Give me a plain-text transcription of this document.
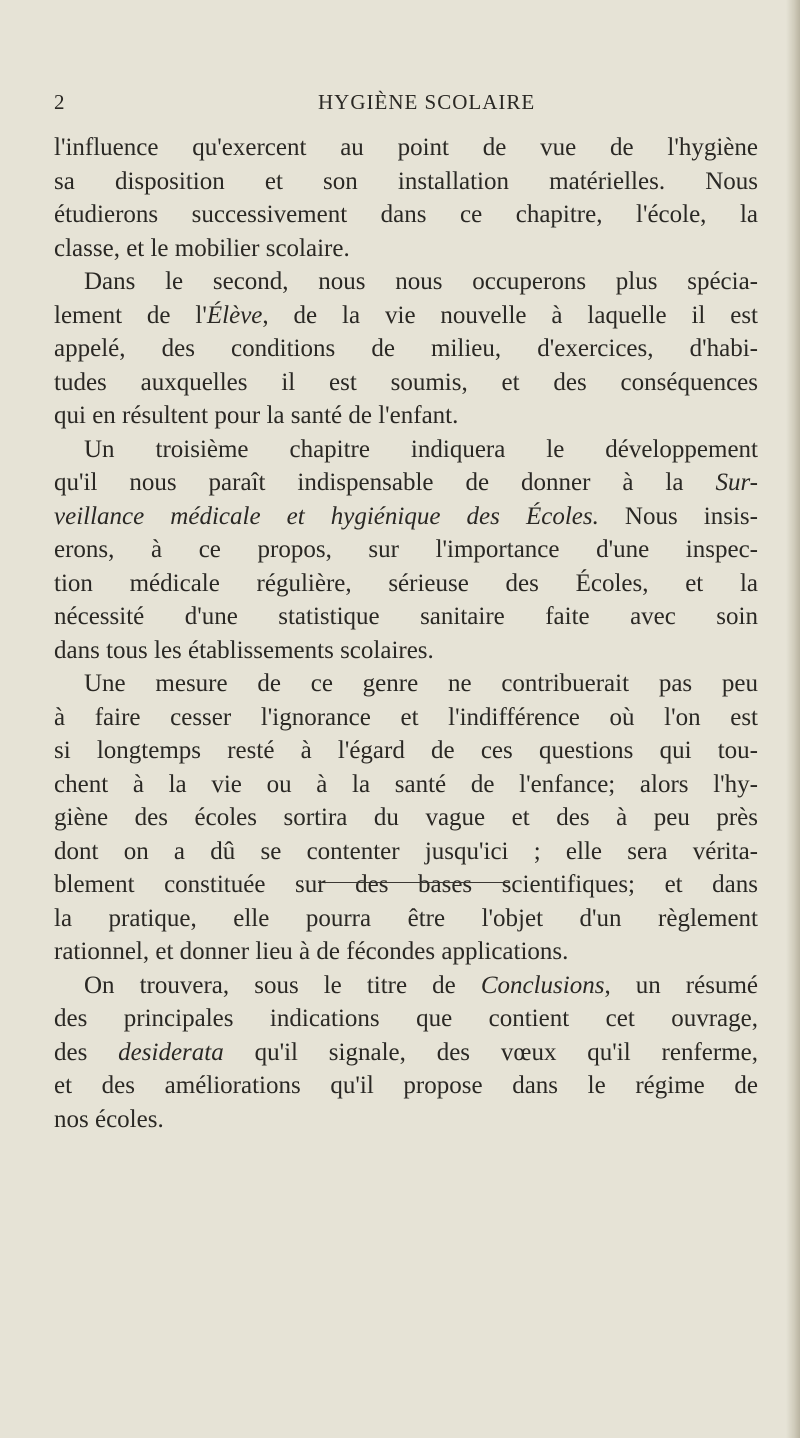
2	HYGIÈNE SCOLAIRE
l'influence qu'exercent au point de vue de l'hygiène
sa disposition et son installation matérielles. Nous
étudierons successivement dans ce chapitre, l'école, la
classe, et le mobilier scolaire.
Dans le second, nous nous occuperons plus spécia-
lement de l'Élève, de la vie nouvelle à laquelle il est
appelé, des conditions de milieu, d'exercices, d'habi-
tudes auxquelles il est soumis, et des conséquences
qui en résultent pour la santé de l'enfant.
Un troisième chapitre indiquera le développement
qu'il nous paraît indispensable de donner à la Sur-
veillance médicale et hygiénique des Écoles. Nous insis-
erons, à ce propos, sur l'importance d'une inspec-
tion médicale régulière, sérieuse des Écoles, et la
nécessité d'une statistique sanitaire faite avec soin
dans tous les établissements scolaires.
Une mesure de ce genre ne contribuerait pas peu
à faire cesser l'ignorance et l'indifférence où l'on est
si longtemps resté à l'égard de ces questions qui tou-
chent à la vie ou à la santé de l'enfance; alors l'hy-
giène des écoles sortira du vague et des à peu près
dont on a dû se contenter jusqu'ici ; elle sera vérita-
blement constituée sur des bases scientifiques; et dans
la pratique, elle pourra être l'objet d'un règlement
rationnel, et donner lieu à de fécondes applications.
On trouvera, sous le titre de Conclusions, un résumé
des principales indications que contient cet ouvrage,
des desiderata qu'il signale, des vœux qu'il renferme,
et des améliorations qu'il propose dans le régime de
nos écoles.
